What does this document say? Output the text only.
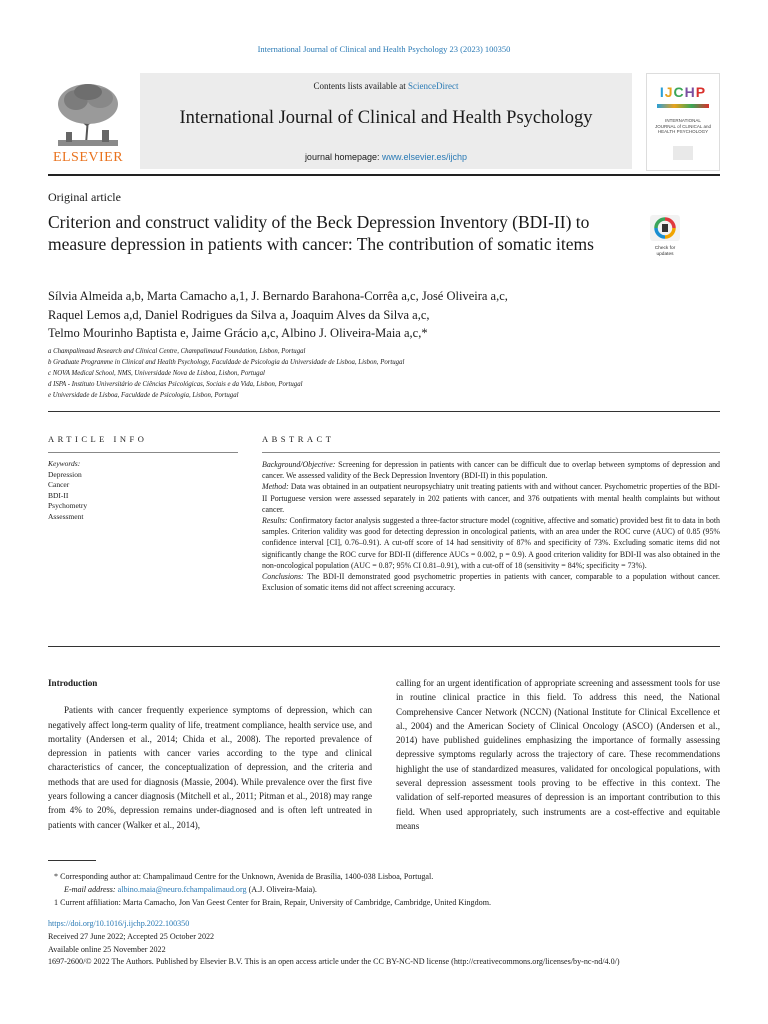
International Journal of Clinical and Health Psychology 23 (2023) 100350
ELSEVIER
Contents lists available at ScienceDirect
International Journal of Clinical and Health Psychology
journal homepage: www.elsevier.es/ijchp
IJCHP
INTERNATIONAL JOURNAL of CLINICAL and HEALTH PSYCHOLOGY
Original article
Criterion and construct validity of the Beck Depression Inventory (BDI-II) to measure depression in patients with cancer: The contribution of somatic items	Check for updates
Sílvia Almeida a,b, Marta Camacho a,1, J. Bernardo Barahona-Corrêa a,c, José Oliveira a,c,
Raquel Lemos a,d, Daniel Rodrigues da Silva a, Joaquim Alves da Silva a,c,
Telmo Mourinho Baptista e, Jaime Grácio a,c, Albino J. Oliveira-Maia a,c,*
a Champalimaud Research and Clinical Centre, Champalimaud Foundation, Lisbon, Portugal
b Graduate Programme in Clinical and Health Psychology, Faculdade de Psicologia da Universidade de Lisboa, Lisbon, Portugal
c NOVA Medical School, NMS, Universidade Nova de Lisboa, Lisbon, Portugal
d ISPA - Instituto Universitário de Ciências Psicológicas, Sociais e da Vida, Lisbon, Portugal
e Universidade de Lisboa, Faculdade de Psicologia, Lisbon, Portugal
ARTICLE INFO
Keywords:
Depression
Cancer
BDI-II
Psychometry
Assessment
ABSTRACT

Background/Objective: Screening for depression in patients with cancer can be difficult due to overlap between symptoms of depression and cancer. We assessed validity of the Beck Depression Inventory (BDI-II) in this population.

Method: Data was obtained in an outpatient neuropsychiatry unit treating patients with and without cancer. Psychometric properties of the BDI-II Portuguese version were assessed separately in 202 patients with cancer, and 376 outpatients with mental health complaints but without cancer.

Results: Confirmatory factor analysis suggested a three-factor structure model (cognitive, affective and somatic) provided best fit to data in both samples. Criterion validity was good for detecting depression in oncological patients, with an area under the ROC curve (AUC) of 0.85 (95% confidence interval [CI], 0.76–0.91). A cut-off score of 14 had sensitivity of 87% and specificity of 73%. Excluding somatic items did not significantly change the ROC curve for BDI-II (difference AUCs = 0.002, p = 0.9). A good criterion validity for BDI-II was also obtained in the non-oncological population (AUC = 0.87; 95% CI 0.81–0.91), with a cut-off of 18 (sensitivity = 84%; specificity = 73%).

Conclusions: The BDI-II demonstrated good psychometric properties in patients with cancer, comparable to a population without cancer. Exclusion of somatic items did not affect screening accuracy.

Introduction

Patients with cancer frequently experience symptoms of depression, which can negatively affect long-term quality of life, treatment compliance, health service use, and mortality (Andersen et al., 2014; Chida et al., 2008). The reported prevalence of depression in patients with cancer varies according to the type and clinical characteristics of cancer, the conceptualization of depression, and the criteria and methods that are used for diagnosis (Massie, 2004). While prevalence over the first five years following a cancer diagnosis (Mitchell et al., 2011; Pitman et al., 2018) may range from 4% to 20%, depression remains under-diagnosed and is often left untreated in patients with cancer (Walker et al., 2014),

calling for an urgent identification of appropriate screening and assessment tools for use in routine clinical practice in this field. To address this need, the National Comprehensive Cancer Network (NCCN) (National Institute for Clinical Excellence et al., 2004) and the American Society of Clinical Oncology (ASCO) (Andersen et al., 2014) have published guidelines emphasizing the importance of formally assessing depressive symptoms regularly across the trajectory of care. These recommendations highlight the use of standardized measures, validated for oncological populations, with several depression assessment tools proving to be effective in this context. The validation of self-reported measures of depression is an important contribution to this field. When used appropriately, such instruments are a cost-effective and equitable means

* Corresponding author at: Champalimaud Centre for the Unknown, Avenida de Brasília, 1400-038 Lisboa, Portugal.

E-mail address: albino.maia@neuro.fchampalimaud.org (A.J. Oliveira-Maia).

1 Current affiliation: Marta Camacho, Jon Van Geest Center for Brain, Repair, University of Cambridge, Cambridge, United Kingdom.

https://doi.org/10.1016/j.ijchp.2022.100350

Received 27 June 2022; Accepted 25 October 2022

Available online 25 November 2022

1697-2600/© 2022 The Authors. Published by Elsevier B.V. This is an open access article under the CC BY-NC-ND license (http://creativecommons.org/licenses/by-nc-nd/4.0/)
